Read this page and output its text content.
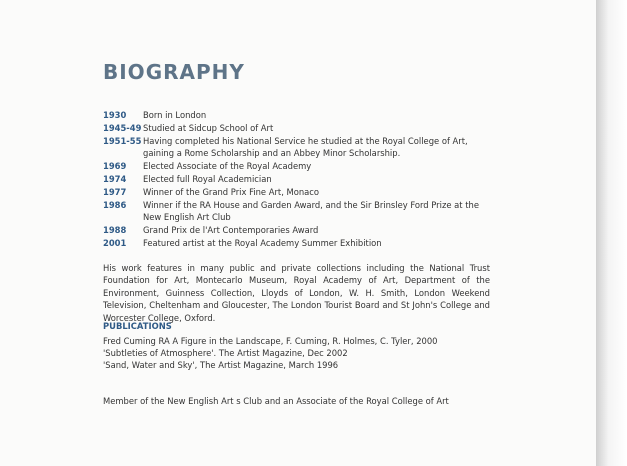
BIOGRAPHY
1930	Born in London
1945-49 Studied at Sidcup School of Art
1951-55 Having completed his National Service he studied at the Royal College of Art,
gaining a Rome Scholarship and an Abbey Minor Scholarship.
1969	Elected Associate of the Royal Academy
1974	Elected full Royal Academician
1977	Winner of the Grand Prix Fine Art, Monaco
1986	Winner if the RA House and Garden Award, and the Sir Brinsley Ford Prize at the
New English Art Club
1988	Grand Prix de l'Art Contemporaries Award
2001	Featured artist at the Royal Academy Summer Exhibition
His work features in many public and private collections including the National Trust Foundation for Art, Montecarlo Museum, Royal Academy of Art, Department of the Environment, Guinness Collection, Lloyds of London, W. H. Smith, London Weekend Television, Cheltenham and Gloucester, The London Tourist Board and St John's College and Worcester College, Oxford.
PUBLICATIONS
Fred Cuming RA A Figure in the Landscape, F. Cuming, R. Holmes, C. Tyler, 2000
'Subtleties of Atmosphere'. The Artist Magazine, Dec 2002
'Sand, Water and Sky', The Artist Magazine, March 1996
Member of the New English Art s Club and an Associate of the Royal College of Art
